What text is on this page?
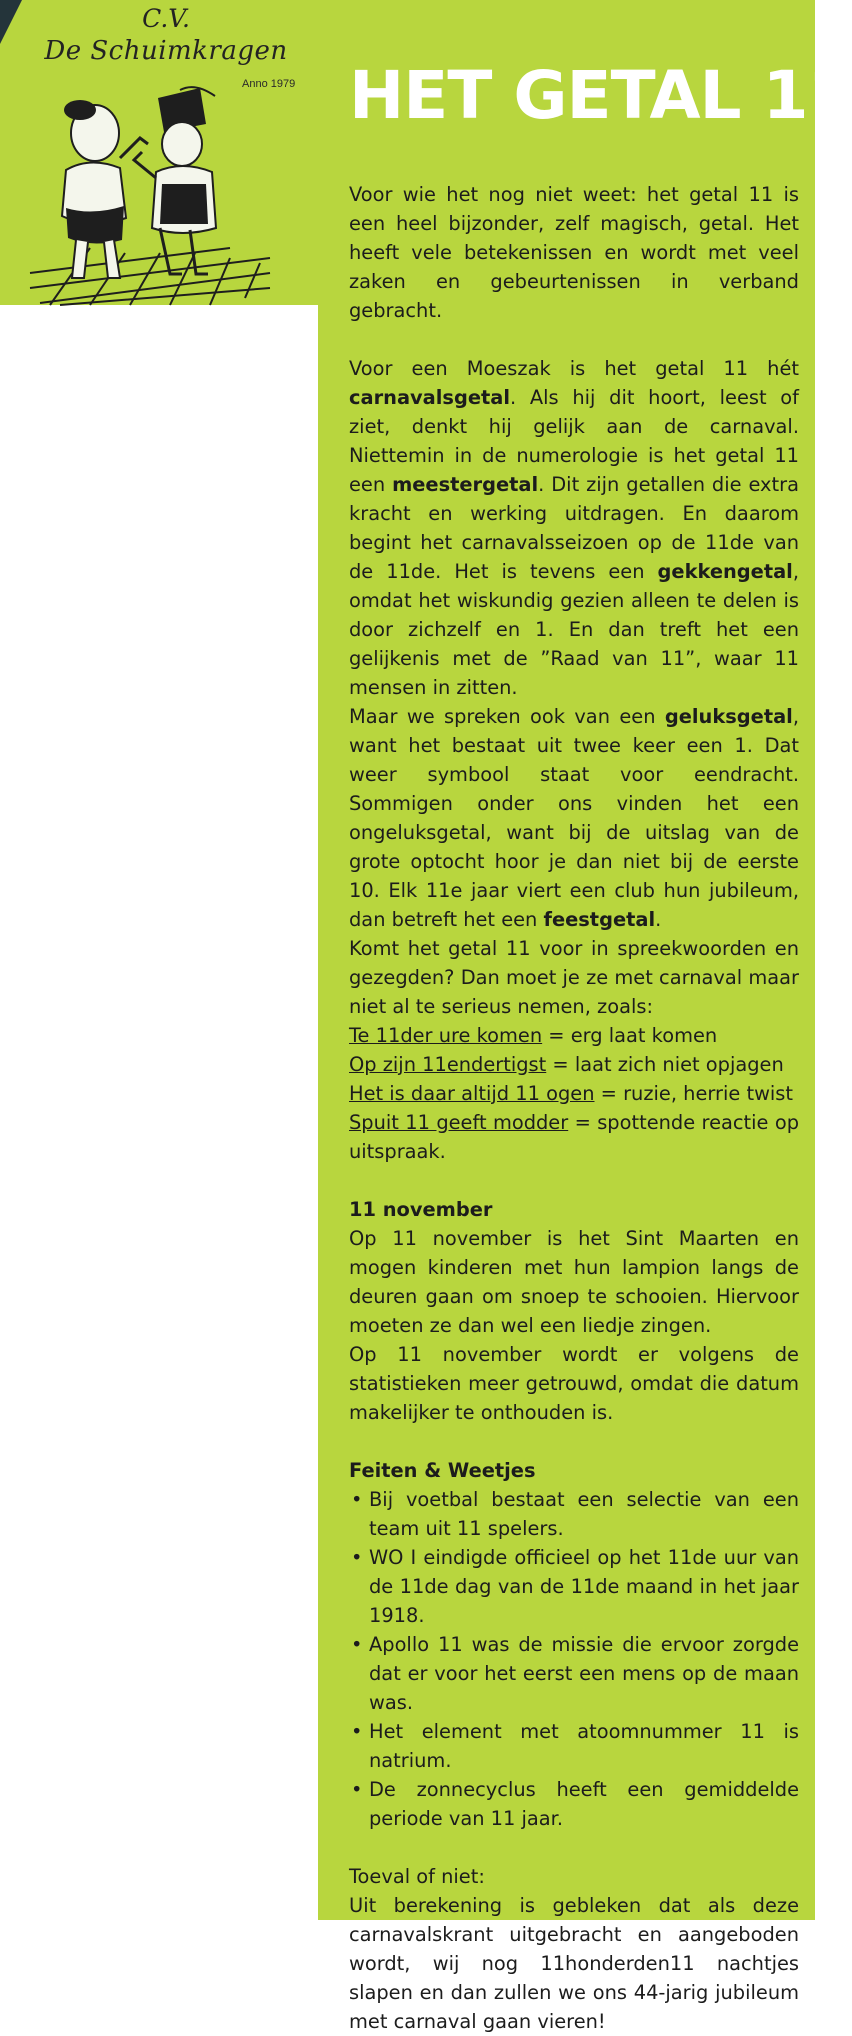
C.V.
De Schuimkragen
Anno 1979 HET GETAL 11

Voor wie het nog niet weet: het getal 11 is een heel bijzonder, zelf magisch, getal. Het heeft vele betekenissen en wordt met veel zaken en gebeurtenissen in verband gebracht.

Voor een Moeszak is het getal 11 hét carnavalsgetal. Als hij dit hoort, leest of ziet, denkt hij gelijk aan de carnaval. Niettemin in de numerologie is het getal 11 een meestergetal. Dit zijn getallen die extra kracht en werking uitdragen. En daarom begint het carnavalsseizoen op de 11de van de 11de. Het is tevens een gekkengetal, omdat het wiskundig gezien alleen te delen is door zichzelf en 1. En dan treft het een gelijkenis met de ”Raad van 11”, waar 11 mensen in zitten.

Maar we spreken ook van een geluksgetal, want het bestaat uit twee keer een 1. Dat weer symbool staat voor eendracht. Sommigen onder ons vinden het een ongeluksgetal, want bij de uitslag van de grote optocht hoor je dan niet bij de eerste 10. Elk 11e jaar viert een club hun jubileum, dan betreft het een feestgetal.

Komt het getal 11 voor in spreekwoorden en gezegden? Dan moet je ze met carnaval maar niet al te serieus nemen, zoals:

Te 11der ure komen = erg laat komen
Op zijn 11endertigst = laat zich niet opjagen
Het is daar altijd 11 ogen = ruzie, herrie twist

Spuit 11 geeft modder = spottende reactie op uitspraak.

11 november

Op 11 november is het Sint Maarten en mogen kinderen met hun lampion langs de deuren gaan om snoep te schooien. Hiervoor moeten ze dan wel een liedje zingen.

Op 11 november wordt er volgens de statistieken meer getrouwd, omdat die datum makelijker te onthouden is.

Feiten & Weetjes
• Bij voetbal bestaat een selectie van een team uit 11 spelers.
• WO I eindigde officieel op het 11de uur van de 11de dag van de 11de maand in het jaar 1918.
• Apollo 11 was de missie die ervoor zorgde dat er voor het eerst een mens op de maan was.
• Het element met atoomnummer 11 is natrium.
• De zonnecyclus heeft een gemiddelde periode van 11 jaar.
Toeval of niet:

Uit berekening is gebleken dat als deze carnavalskrant uitgebracht en aangeboden wordt, wij nog 11honderden11 nachtjes slapen en dan zullen we ons 44-jarig jubileum met carnaval gaan vieren!
